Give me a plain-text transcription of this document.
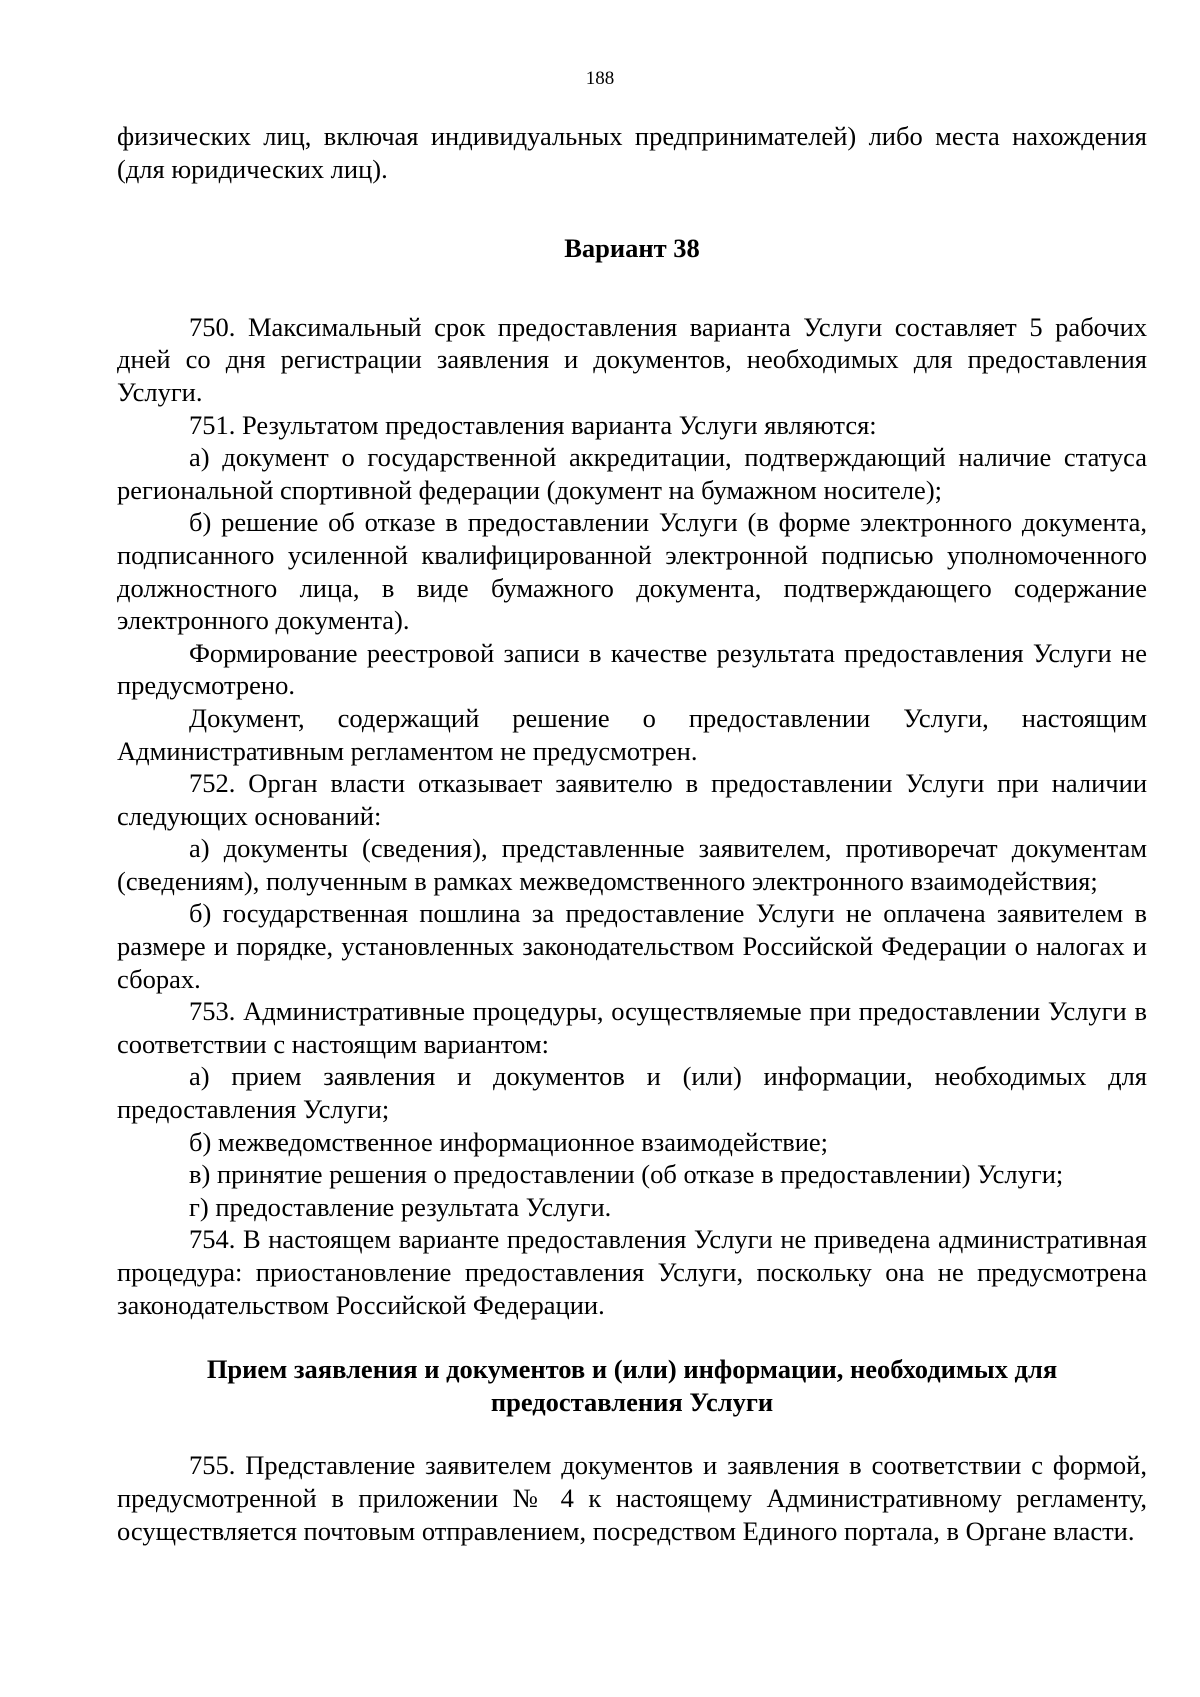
188

физических лиц, включая индивидуальных предпринимателей) либо места нахождения (для юридических лиц).

Вариант 38

750. Максимальный срок предоставления варианта Услуги составляет 5 рабочих дней со дня регистрации заявления и документов, необходимых для предоставления Услуги.

751. Результатом предоставления варианта Услуги являются:

а) документ о государственной аккредитации, подтверждающий наличие статуса региональной спортивной федерации (документ на бумажном носителе);

б) решение об отказе в предоставлении Услуги (в форме электронного документа, подписанного усиленной квалифицированной электронной подписью уполномоченного должностного лица, в виде бумажного документа, подтверждающего содержание электронного документа).

Формирование реестровой записи в качестве результата предоставления Услуги не предусмотрено.

Документ, содержащий решение о предоставлении Услуги, настоящим Административным регламентом не предусмотрен.

752. Орган власти отказывает заявителю в предоставлении Услуги при наличии следующих оснований:

а) документы (сведения), представленные заявителем, противоречат документам (сведениям), полученным в рамках межведомственного электронного взаимодействия;

б) государственная пошлина за предоставление Услуги не оплачена заявителем в размере и порядке, установленных законодательством Российской Федерации о налогах и сборах.

753. Административные процедуры, осуществляемые при предоставлении Услуги в соответствии с настоящим вариантом:

а) прием заявления и документов и (или) информации, необходимых для предоставления Услуги;

б) межведомственное информационное взаимодействие;

в) принятие решения о предоставлении (об отказе в предоставлении) Услуги;

г) предоставление результата Услуги.

754. В настоящем варианте предоставления Услуги не приведена административная процедура: приостановление предоставления Услуги, поскольку она не предусмотрена законодательством Российской Федерации.

Прием заявления и документов и (или) информации, необходимых для предоставления Услуги

755. Представление заявителем документов и заявления в соответствии с формой, предусмотренной в приложении № 4 к настоящему Административному регламенту, осуществляется почтовым отправлением, посредством Единого портала, в Органе власти.
